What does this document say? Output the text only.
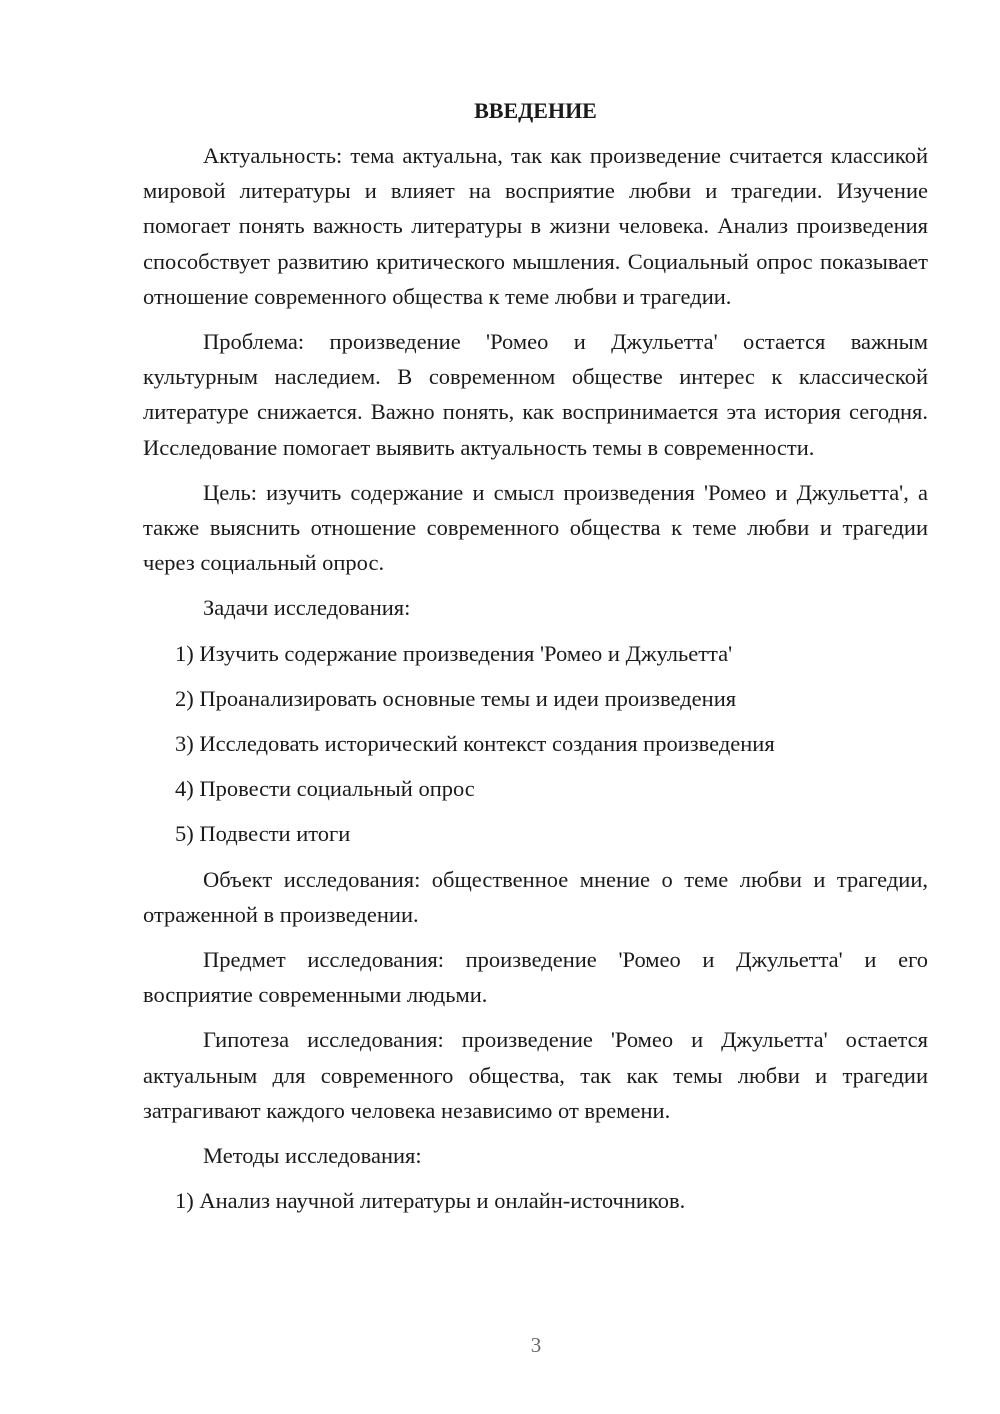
ВВЕДЕНИЕ

Актуальность: тема актуальна, так как произведение считается классикой мировой литературы и влияет на восприятие любви и трагедии. Изучение помогает понять важность литературы в жизни человека. Анализ произведения способствует развитию критического мышления. Социальный опрос показывает отношение современного общества к теме любви и трагедии.

Проблема: произведение 'Ромео и Джульетта' остается важным культурным наследием. В современном обществе интерес к классической литературе снижается. Важно понять, как воспринимается эта история сегодня. Исследование помогает выявить актуальность темы в современности.

Цель: изучить содержание и смысл произведения 'Ромео и Джульетта', а также выяснить отношение современного общества к теме любви и трагедии через социальный опрос.

Задачи исследования:

1) Изучить содержание произведения 'Ромео и Джульетта'
2) Проанализировать основные темы и идеи произведения
3) Исследовать исторический контекст создания произведения
4) Провести социальный опрос
5) Подвести итоги

Объект исследования: общественное мнение о теме любви и трагедии, отраженной в произведении.

Предмет исследования: произведение 'Ромео и Джульетта' и его восприятие современными людьми.

Гипотеза исследования: произведение 'Ромео и Джульетта' остается актуальным для современного общества, так как темы любви и трагедии затрагивают каждого человека независимо от времени.

Методы исследования:

1) Анализ научной литературы и онлайн-источников.
3
